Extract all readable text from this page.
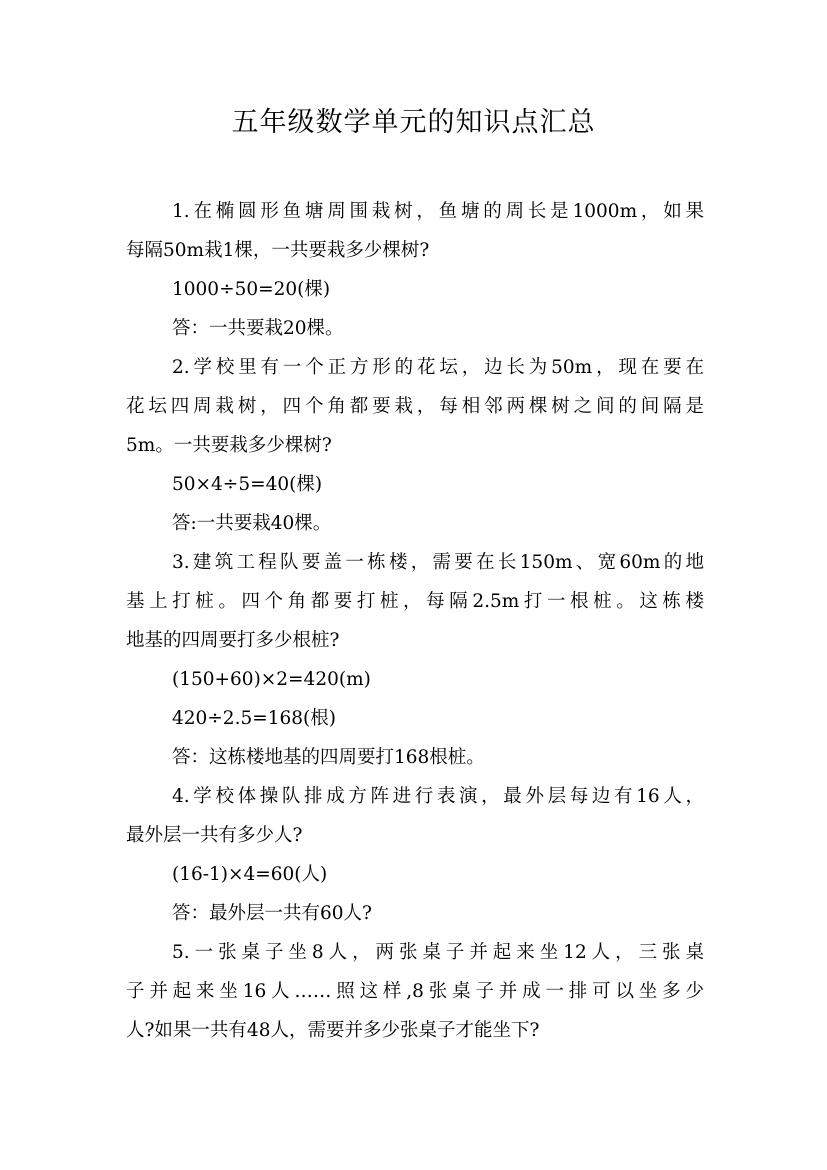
五年级数学单元的知识点汇总
1.在椭圆形鱼塘周围栽树，鱼塘的周长是1000m，如果
每隔50m栽1棵，一共要栽多少棵树?
1000÷50=20(棵)
答：一共要栽20棵。
2.学校里有一个正方形的花坛，边长为50m，现在要在
花坛四周栽树，四个角都要栽，每相邻两棵树之间的间隔是
5m。一共要栽多少棵树?
50×4÷5=40(棵)
答:一共要栽40棵。
3.建筑工程队要盖一栋楼，需要在长150m、宽60m的地
基上打桩。四个角都要打桩，每隔2.5m打一根桩。这栋楼
地基的四周要打多少根桩?
(150+60)×2=420(m)
420÷2.5=168(根)
答：这栋楼地基的四周要打168根桩。
4.学校体操队排成方阵进行表演，最外层每边有16人，
最外层一共有多少人?
(16-1)×4=60(人)
答：最外层一共有60人?
5.一张桌子坐8人，两张桌子并起来坐12人，三张桌
子并起来坐16人……照这样,8张桌子并成一排可以坐多少
人?如果一共有48人，需要并多少张桌子才能坐下?
